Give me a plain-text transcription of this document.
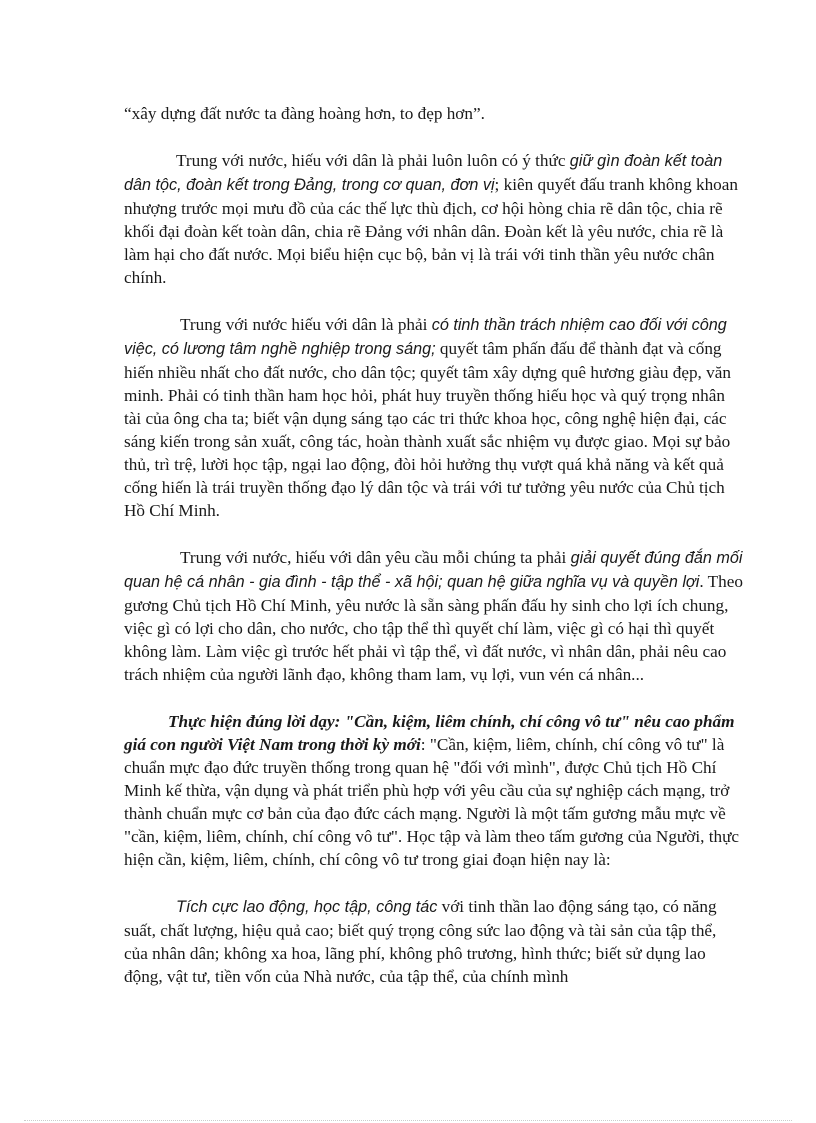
“xây dựng đất nước ta đàng hoàng hơn, to đẹp hơn”.

Trung với nước, hiếu với dân là phải luôn luôn có ý thức giữ gìn đoàn kết toàn dân tộc, đoàn kết trong Đảng, trong cơ quan, đơn vị; kiên quyết đấu tranh không khoan nhượng trước mọi mưu đồ của các thế lực thù địch, cơ hội hòng chia rẽ dân tộc, chia rẽ khối đại đoàn kết toàn dân, chia rẽ Đảng với nhân dân. Đoàn kết là yêu nước, chia rẽ là làm hại cho đất nước. Mọi biểu hiện cục bộ, bản vị là trái với tinh thần yêu nước chân chính.

Trung với nước hiếu với dân là phải có tinh thần trách nhiệm cao đối với công việc, có lương tâm nghề nghiệp trong sáng; quyết tâm phấn đấu để thành đạt và cống hiến nhiều nhất cho đất nước, cho dân tộc; quyết tâm xây dựng quê hương giàu đẹp, văn minh. Phải có tinh thần ham học hỏi, phát huy truyền thống hiếu học và quý trọng nhân tài của ông cha ta; biết vận dụng sáng tạo các tri thức khoa học, công nghệ hiện đại, các sáng kiến trong sản xuất, công tác, hoàn thành xuất sắc nhiệm vụ được giao. Mọi sự bảo thủ, trì trệ, lười học tập, ngại lao động, đòi hỏi hưởng thụ vượt quá khả năng và kết quả cống hiến là trái truyền thống đạo lý dân tộc và trái với tư tưởng yêu nước của Chủ tịch Hồ Chí Minh.

Trung với nước, hiếu với dân yêu cầu mỗi chúng ta phải giải quyết đúng đắn mối quan hệ cá nhân - gia đình - tập thể - xã hội; quan hệ giữa nghĩa vụ và quyền lợi. Theo gương Chủ tịch Hồ Chí Minh, yêu nước là sẵn sàng phấn đấu hy sinh cho lợi ích chung, việc gì có lợi cho dân, cho nước, cho tập thể thì quyết chí làm, việc gì có hại thì quyết không làm. Làm việc gì trước hết phải vì tập thể, vì đất nước, vì nhân dân, phải nêu cao trách nhiệm của người lãnh đạo, không tham lam, vụ lợi, vun vén cá nhân...

Thực hiện đúng lời dạy: "Cần, kiệm, liêm chính, chí công vô tư" nêu cao phẩm giá con người Việt Nam trong thời kỳ mới: "Cần, kiệm, liêm, chính, chí công vô tư" là chuẩn mực đạo đức truyền thống trong quan hệ "đối với mình", được Chủ tịch Hồ Chí Minh kế thừa, vận dụng và phát triển phù hợp với yêu cầu của sự nghiệp cách mạng, trở thành chuẩn mực cơ bản của đạo đức cách mạng. Người là một tấm gương mẫu mực về "cần, kiệm, liêm, chính, chí công vô tư". Học tập và làm theo tấm gương của Người, thực hiện cần, kiệm, liêm, chính, chí công vô tư trong giai đoạn hiện nay là:

Tích cực lao động, học tập, công tác với tinh thần lao động sáng tạo, có năng suất, chất lượng, hiệu quả cao; biết quý trọng công sức lao động và tài sản của tập thể, của nhân dân; không xa hoa, lãng phí, không phô trương, hình thức; biết sử dụng lao động, vật tư, tiền vốn của Nhà nước, của tập thể, của chính mình
